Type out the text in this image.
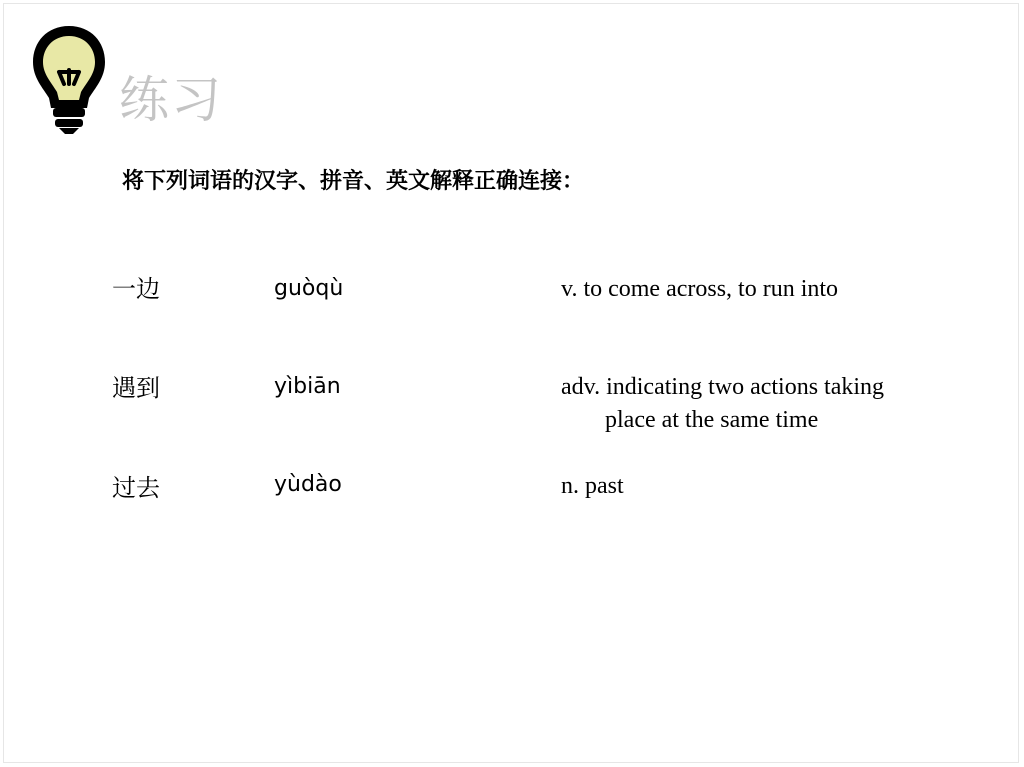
练习
将下列词语的汉字、拼音、英文解释正确连接：
一边	guòqù	v. to come across, to run into
遇到	yìbiān	adv. indicating two actions taking
place at the same time
过去	yùdào	n. past
